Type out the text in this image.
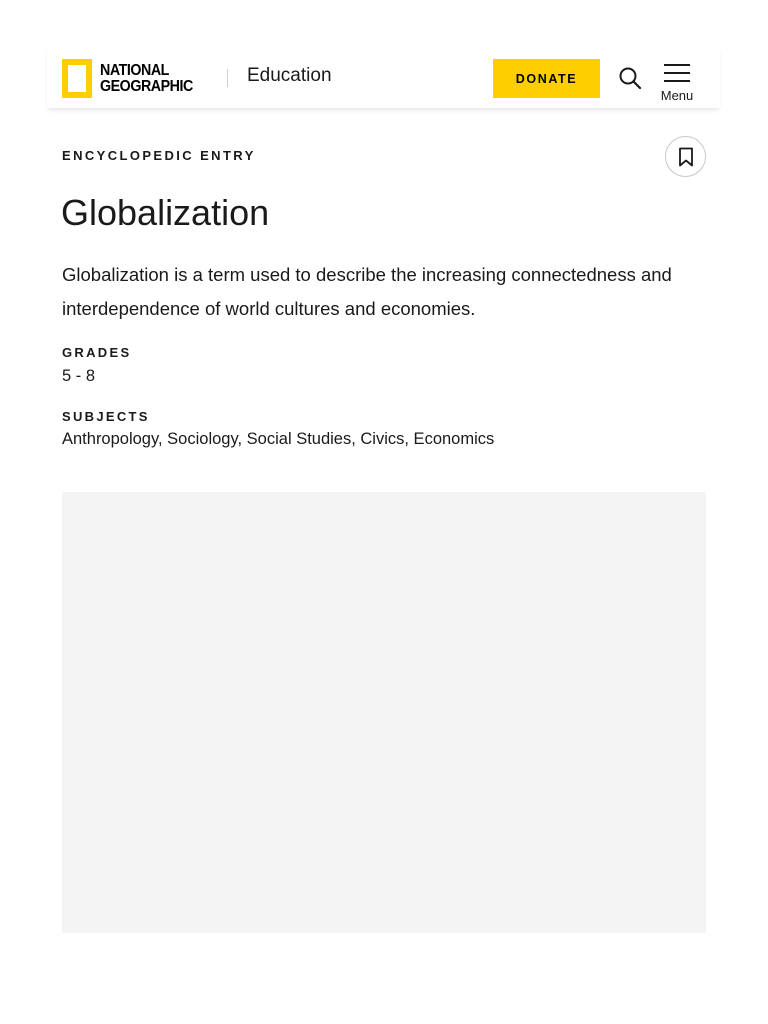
NATIONAL
GEOGRAPHIC	Education	DONATE
Menu
ENCYCLOPEDIC ENTRY
Globalization

Globalization is a term used to describe the increasing connectedness and interdependence of world cultures and economies.

GRADES
5 - 8
SUBJECTS
Anthropology, Sociology, Social Studies, Civics, Economics
